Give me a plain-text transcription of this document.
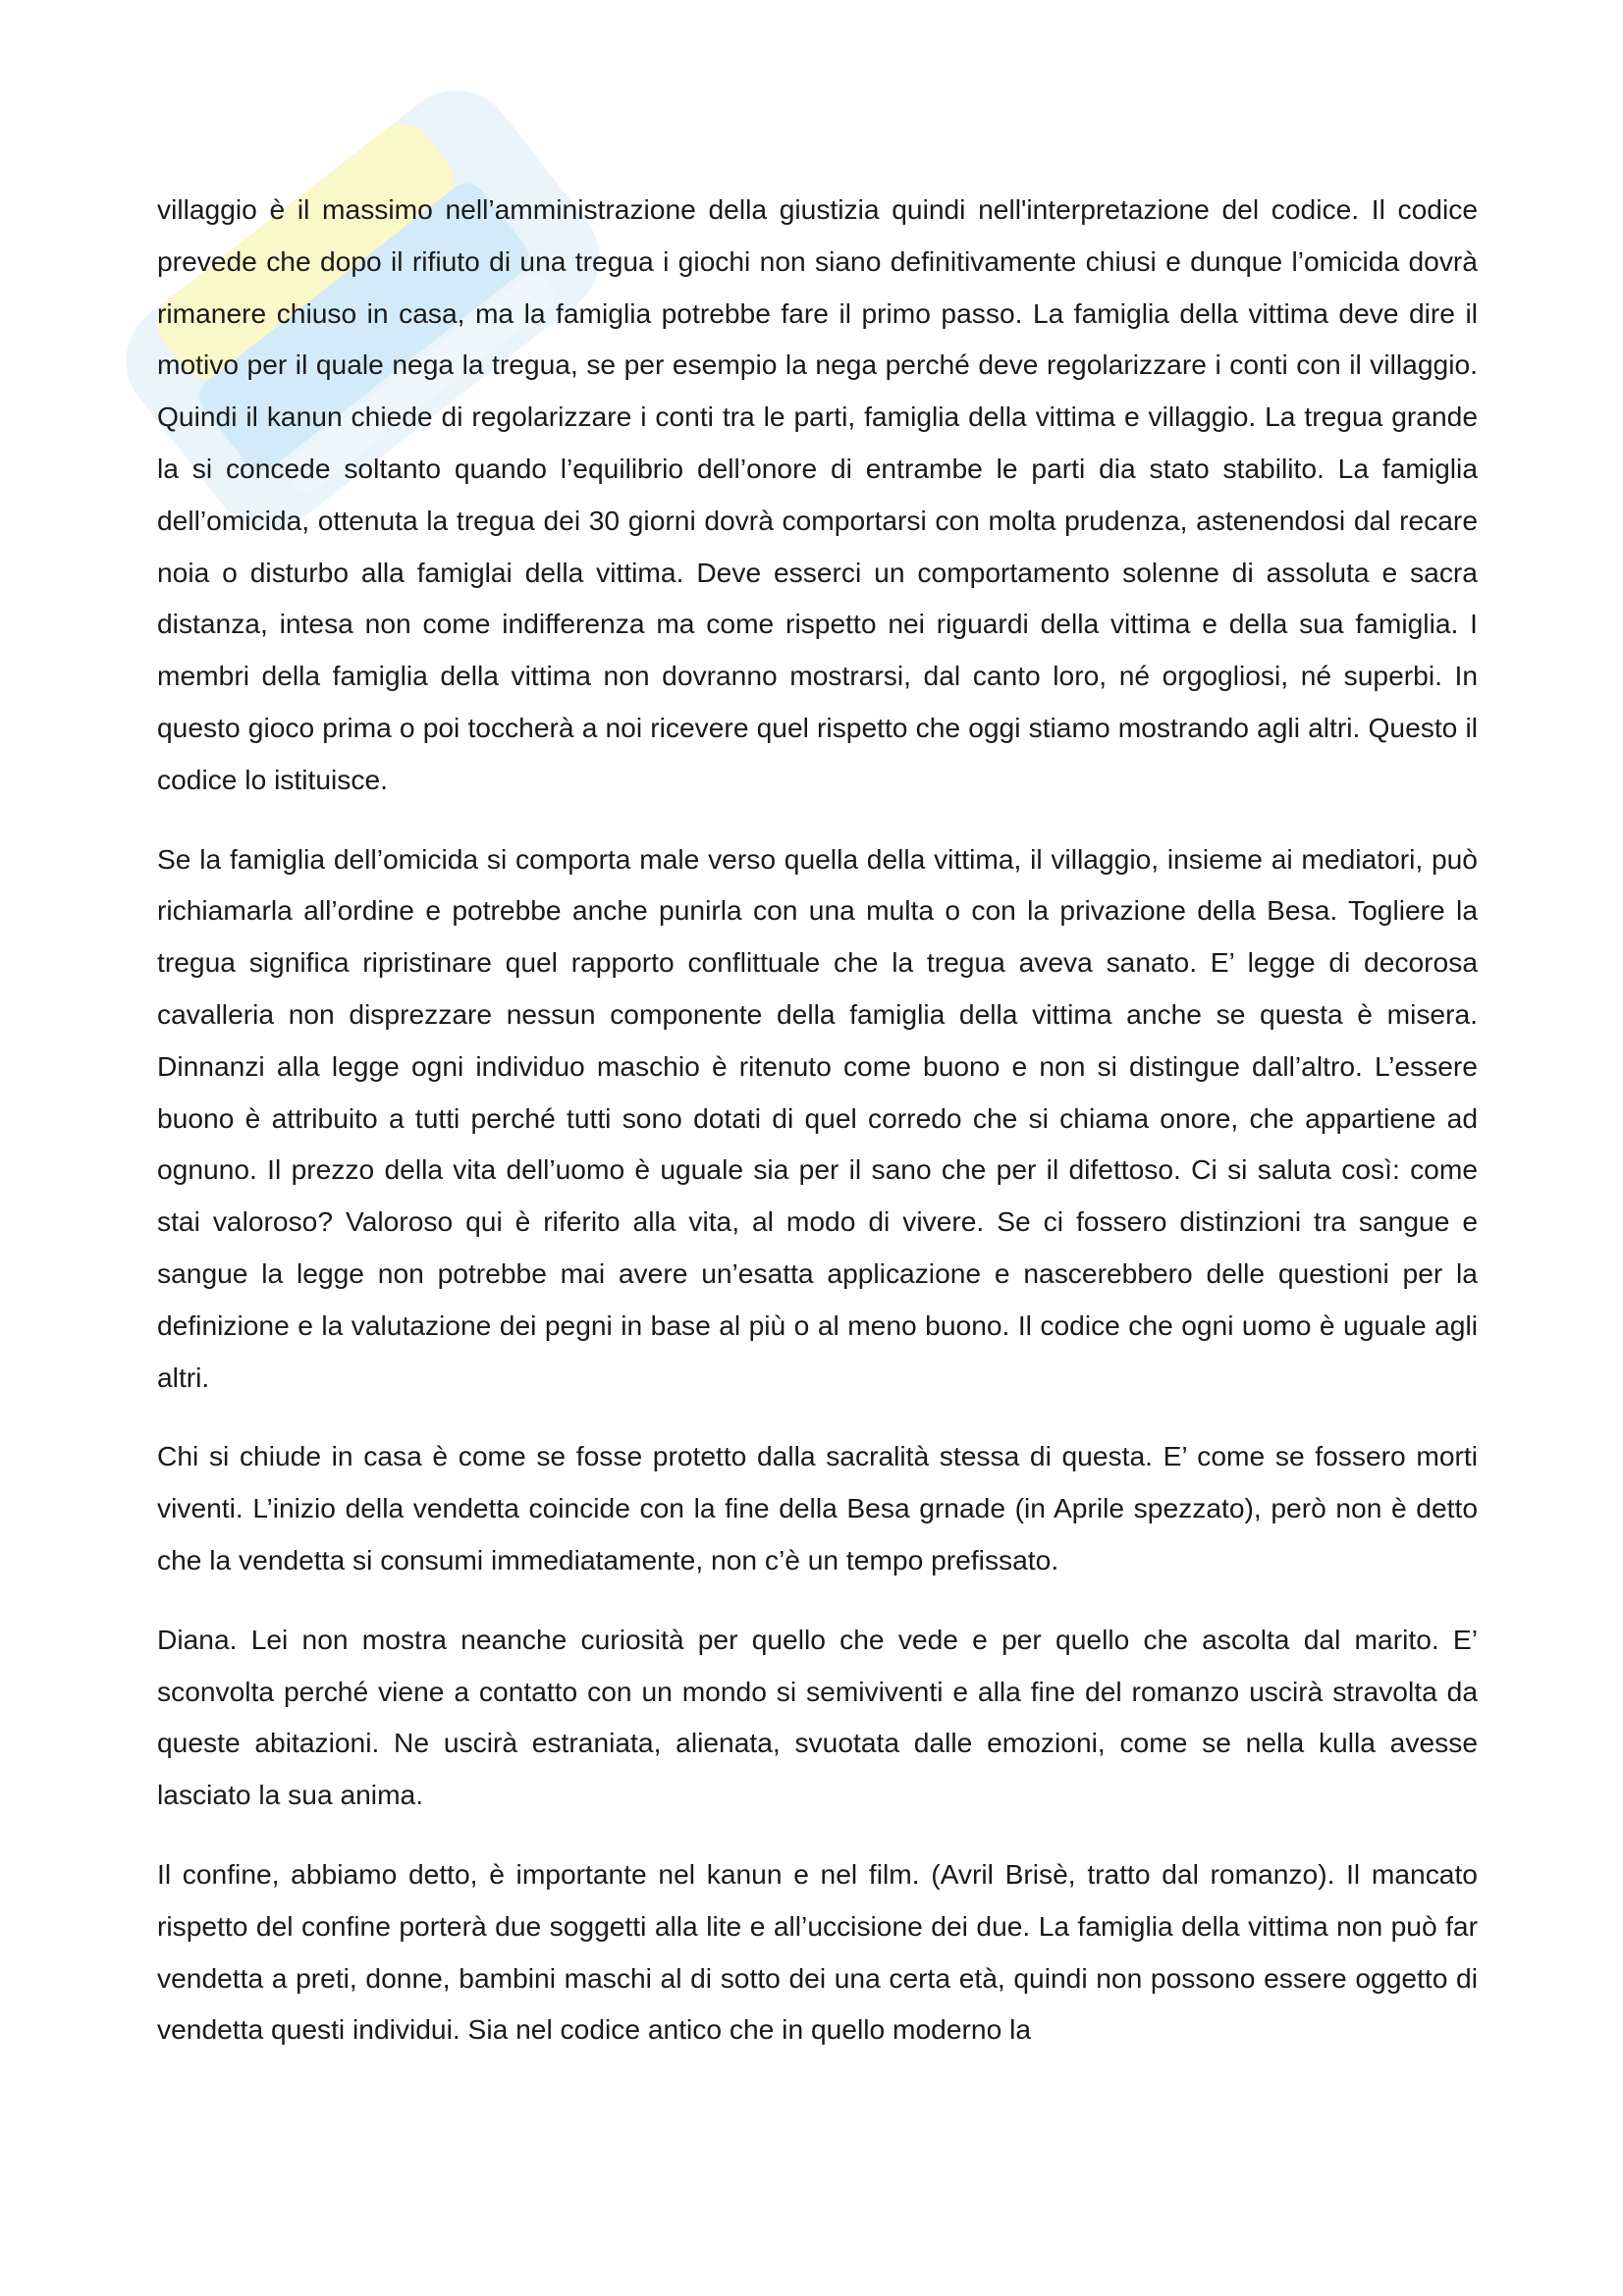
villaggio è il massimo nell’amministrazione della giustizia quindi nell'interpretazione del codice. Il codice prevede che dopo il rifiuto di una tregua i giochi non siano definitivamente chiusi e dunque l’omicida dovrà rimanere chiuso in casa, ma la famiglia potrebbe fare il primo passo. La famiglia della vittima deve dire il motivo per il quale nega la tregua, se per esempio la nega perché deve regolarizzare i conti con il villaggio. Quindi il kanun chiede di regolarizzare i conti tra le parti, famiglia della vittima e villaggio. La tregua grande la si concede soltanto quando l’equilibrio dell’onore di entrambe le parti dia stato stabilito. La famiglia dell’omicida, ottenuta la tregua dei 30 giorni dovrà comportarsi con molta prudenza, astenendosi dal recare noia o disturbo alla famiglai della vittima. Deve esserci un comportamento solenne di assoluta e sacra distanza, intesa non come indifferenza ma come rispetto nei riguardi della vittima e della sua famiglia. I membri della famiglia della vittima non dovranno mostrarsi, dal canto loro, né orgogliosi, né superbi. In questo gioco prima o poi toccherà a noi ricevere quel rispetto che oggi stiamo mostrando agli altri. Questo il codice lo istituisce.

Se la famiglia dell’omicida si comporta male verso quella della vittima, il villaggio, insieme ai mediatori, può richiamarla all’ordine e potrebbe anche punirla con una multa o con la privazione della Besa. Togliere la tregua significa ripristinare quel rapporto conflittuale che la tregua aveva sanato. E’ legge di decorosa cavalleria non disprezzare nessun componente della famiglia della vittima anche se questa è misera. Dinnanzi alla legge ogni individuo maschio è ritenuto come buono e non si distingue dall’altro. L’essere buono è attribuito a tutti perché tutti sono dotati di quel corredo che si chiama onore, che appartiene ad ognuno. Il prezzo della vita dell’uomo è uguale sia per il sano che per il difettoso. Ci si saluta così: come stai valoroso? Valoroso qui è riferito alla vita, al modo di vivere. Se ci fossero distinzioni tra sangue e sangue la legge non potrebbe mai avere un’esatta applicazione e nascerebbero delle questioni per la definizione e la valutazione dei pegni in base al più o al meno buono. Il codice che ogni uomo è uguale agli altri.

Chi si chiude in casa è come se fosse protetto dalla sacralità stessa di questa. E’ come se fossero morti viventi. L’inizio della vendetta coincide con la fine della Besa grnade (in Aprile spezzato), però non è detto che la vendetta si consumi immediatamente, non c’è un tempo prefissato.

Diana. Lei non mostra neanche curiosità per quello che vede e per quello che ascolta dal marito. E’ sconvolta perché viene a contatto con un mondo si semiviventi e alla fine del romanzo uscirà stravolta da queste abitazioni. Ne uscirà estraniata, alienata, svuotata dalle emozioni, come se nella kulla avesse lasciato la sua anima.

Il confine, abbiamo detto, è importante nel kanun e nel film. (Avril Brisè, tratto dal romanzo). Il mancato rispetto del confine porterà due soggetti alla lite e all’uccisione dei due. La famiglia della vittima non può far vendetta a preti, donne, bambini maschi al di sotto dei una certa età, quindi non possono essere oggetto di vendetta questi individui. Sia nel codice antico che in quello moderno la
